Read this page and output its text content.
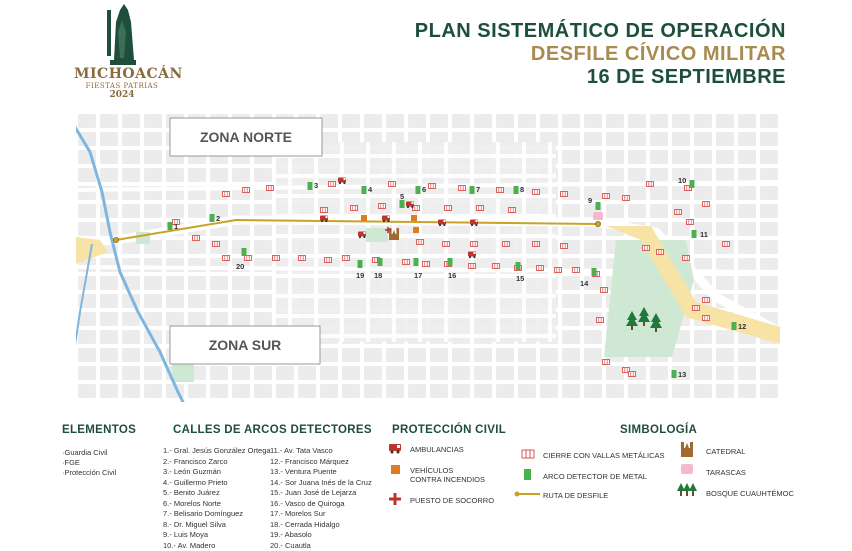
MICHOACÁN
FIESTAS PATRIAS
2024
PLAN SISTEMÁTICO DE OPERACIÓN
DESFILE CÍVICO MILITAR
16 DE SEPTIEMBRE
ZONA NORTE
ZONA SUR
1
2
3	4
5
6	7	8
9
10
11
12
13
14
15
16
17
18
19
20
ELEMENTOS
·Guardia Civil
·FGE
·Protección Civil
CALLES DE ARCOS DETECTORES
1.- Gral. Jesús González Ortega
2.- Francisco Zarco
3.- León Guzmán
4.- Guillermo Prieto
5.- Benito Juárez
6.- Morelos Norte
7.- Belisario Domínguez
8.- Dr. Miguel Silva
9.- Luis Moya
10.- Av. Madero
11.- Av. Tata Vasco
12.- Francisco Márquez
13.- Ventura Puente
14.- Sor Juana Inés de la Cruz
15.- Juan José de Lejarza
16.- Vasco de Quiroga
17.- Morelos Sur
18.- Cerrada Hidalgo
19.- Abasolo
20.- Cuautla
PROTECCIÓN CIVIL
AMBULANCIAS
VEHÍCULOS CONTRA INCENDIOS
PUESTO DE SOCORRO
SIMBOLOGÍA
CIERRE CON VALLAS METÁLICAS
ARCO DETECTOR DE METAL
RUTA DE DESFILE
CATEDRAL
TARASCAS
BOSQUE CUAUHTÉMOC
